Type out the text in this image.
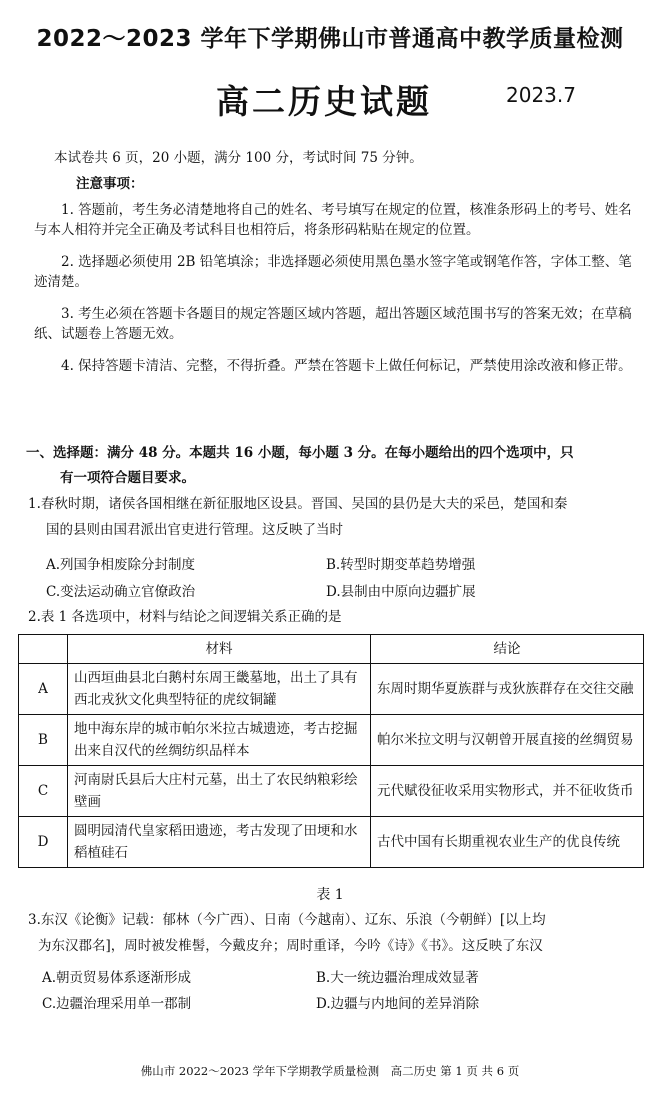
2022～2023 学年下学期佛山市普通高中教学质量检测
高二历史试题	2023.7
本试卷共 6 页，20 小题，满分 100 分，考试时间 75 分钟。
注意事项：
1. 答题前，考生务必清楚地将自己的姓名、考号填写在规定的位置，核准条形码上的考号、姓名与本人相符并完全正确及考试科目也相符后，将条形码粘贴在规定的位置。
2. 选择题必须使用 2B 铅笔填涂；非选择题必须使用黑色墨水签字笔或钢笔作答，字体工整、笔迹清楚。
3. 考生必须在答题卡各题目的规定答题区域内答题，超出答题区域范围书写的答案无效；在草稿纸、试题卷上答题无效。
4. 保持答题卡清洁、完整，不得折叠。严禁在答题卡上做任何标记，严禁使用涂改液和修正带。
一、选择题：满分 48 分。本题共 16 小题，每小题 3 分。在每小题给出的四个选项中，只
有一项符合题目要求。
1.春秋时期，诸侯各国相继在新征服地区设县。晋国、吴国的县仍是大夫的采邑，楚国和秦
国的县则由国君派出官吏进行管理。这反映了当时
A.列国争相废除分封制度	B.转型时期变革趋势增强
C.变法运动确立官僚政治	D.县制由中原向边疆扩展
2.表 1 各选项中，材料与结论之间逻辑关系正确的是
	材料	结论
A	山西垣曲县北白鹅村东周王畿墓地，出土了具有西北戎狄文化典型特征的虎纹铜罐	东周时期华夏族群与戎狄族群存在交往交融
B	地中海东岸的城市帕尔米拉古城遗迹，考古挖掘出来自汉代的丝绸纺织品样本	帕尔米拉文明与汉朝曾开展直接的丝绸贸易
C	河南尉氏县后大庄村元墓，出土了农民纳粮彩绘壁画	元代赋役征收采用实物形式，并不征收货币
D	圆明园清代皇家稻田遗迹，考古发现了田埂和水稻植硅石	古代中国有长期重视农业生产的优良传统
表 1
3.东汉《论衡》记载：郁林（今广西）、日南（今越南）、辽东、乐浪（今朝鲜）[以上均
为东汉郡名]，周时被发椎髻，今戴皮弁；周时重译，今吟《诗》《书》。这反映了东汉
A.朝贡贸易体系逐渐形成	B.大一统边疆治理成效显著
C.边疆治理采用单一郡制	D.边疆与内地间的差异消除
佛山市 2022～2023 学年下学期教学质量检测　高二历史 第 1 页 共 6 页
